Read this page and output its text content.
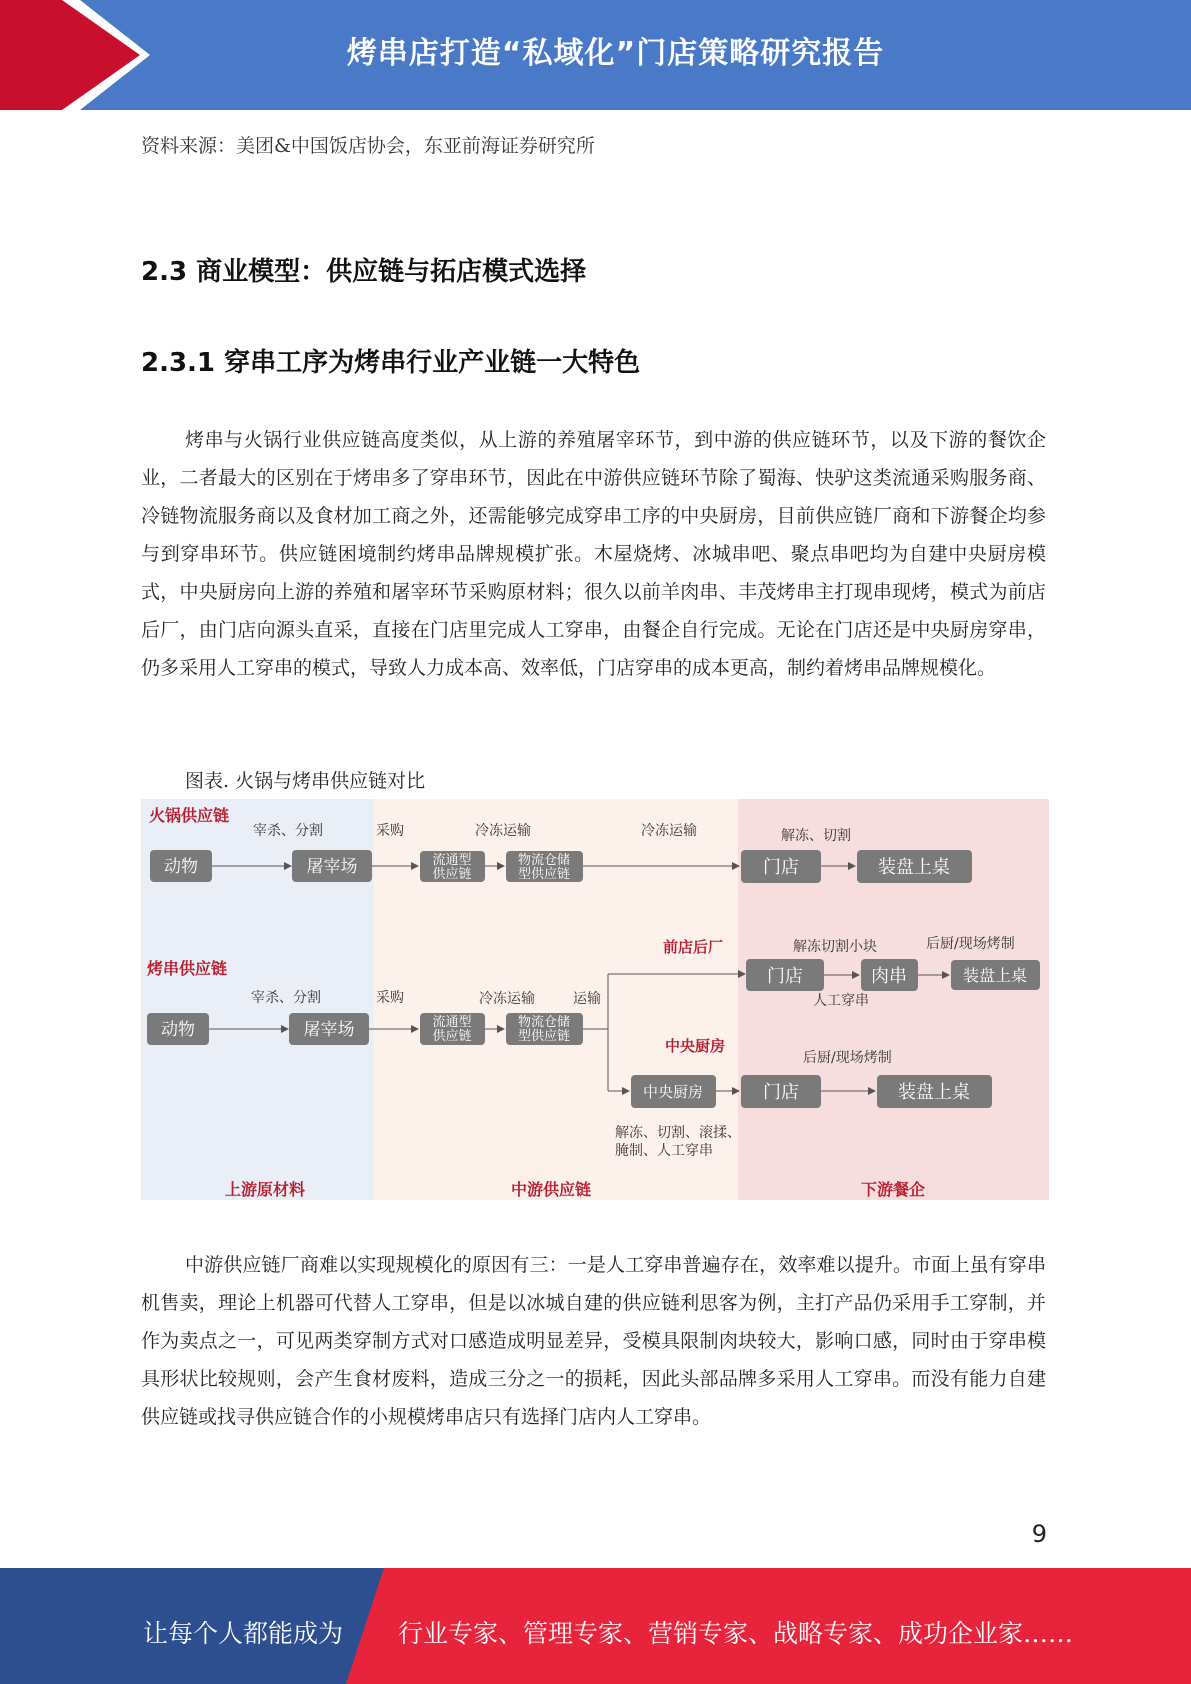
烤串店打造“私域化”门店策略研究报告
资料来源：美团&中国饭店协会，东亚前海证券研究所
2.3 商业模型：供应链与拓店模式选择
2.3.1 穿串工序为烤串行业产业链一大特色

烤串与火锅行业供应链高度类似，从上游的养殖屠宰环节，到中游的供应链环节，以及下游的餐饮企业，二者最大的区别在于烤串多了穿串环节，因此在中游供应链环节除了蜀海、快驴这类流通采购服务商、冷链物流服务商以及食材加工商之外，还需能够完成穿串工序的中央厨房，目前供应链厂商和下游餐企均参与到穿串环节。供应链困境制约烤串品牌规模扩张。木屋烧烤、冰城串吧、聚点串吧均为自建中央厨房模式，中央厨房向上游的养殖和屠宰环节采购原材料；很久以前羊肉串、丰茂烤串主打现串现烤，模式为前店后厂，由门店向源头直采，直接在门店里完成人工穿串，由餐企自行完成。无论在门店还是中央厨房穿串，仍多采用人工穿串的模式，导致人力成本高、效率低，门店穿串的成本更高，制约着烤串品牌规模化。

图表. 火锅与烤串供应链对比
上游原材料	中游供应链	下游餐企
火锅供应链
宰杀、分割	采购	冷冻运输	冷冻运输	解冻、切割
动物	屠宰场	流通型
供应链
物流仓储
型供应链	门店	装盘上桌
烤串供应链
前店后厂	解冻切割小块	后厨/现场烤制
宰杀、分割	采购	冷冻运输	运输	人工穿串
中央厨房
后厨/现场烤制
解冻、切割、滚揉、
腌制、人工穿串
动物	屠宰场	流通型
供应链
物流仓储
型供应链
门店	肉串	装盘上桌
中央厨房	门店	装盘上桌

中游供应链厂商难以实现规模化的原因有三：一是人工穿串普遍存在，效率难以提升。市面上虽有穿串机售卖，理论上机器可代替人工穿串，但是以冰城自建的供应链利思客为例，主打产品仍采用手工穿制，并作为卖点之一，可见两类穿制方式对口感造成明显差异，受模具限制肉块较大，影响口感，同时由于穿串模具形状比较规则，会产生食材废料，造成三分之一的损耗，因此头部品牌多采用人工穿串。而没有能力自建供应链或找寻供应链合作的小规模烤串店只有选择门店内人工穿串。

9
让每个人都能成为 行业专家、管理专家、营销专家、战略专家、成功企业家……
